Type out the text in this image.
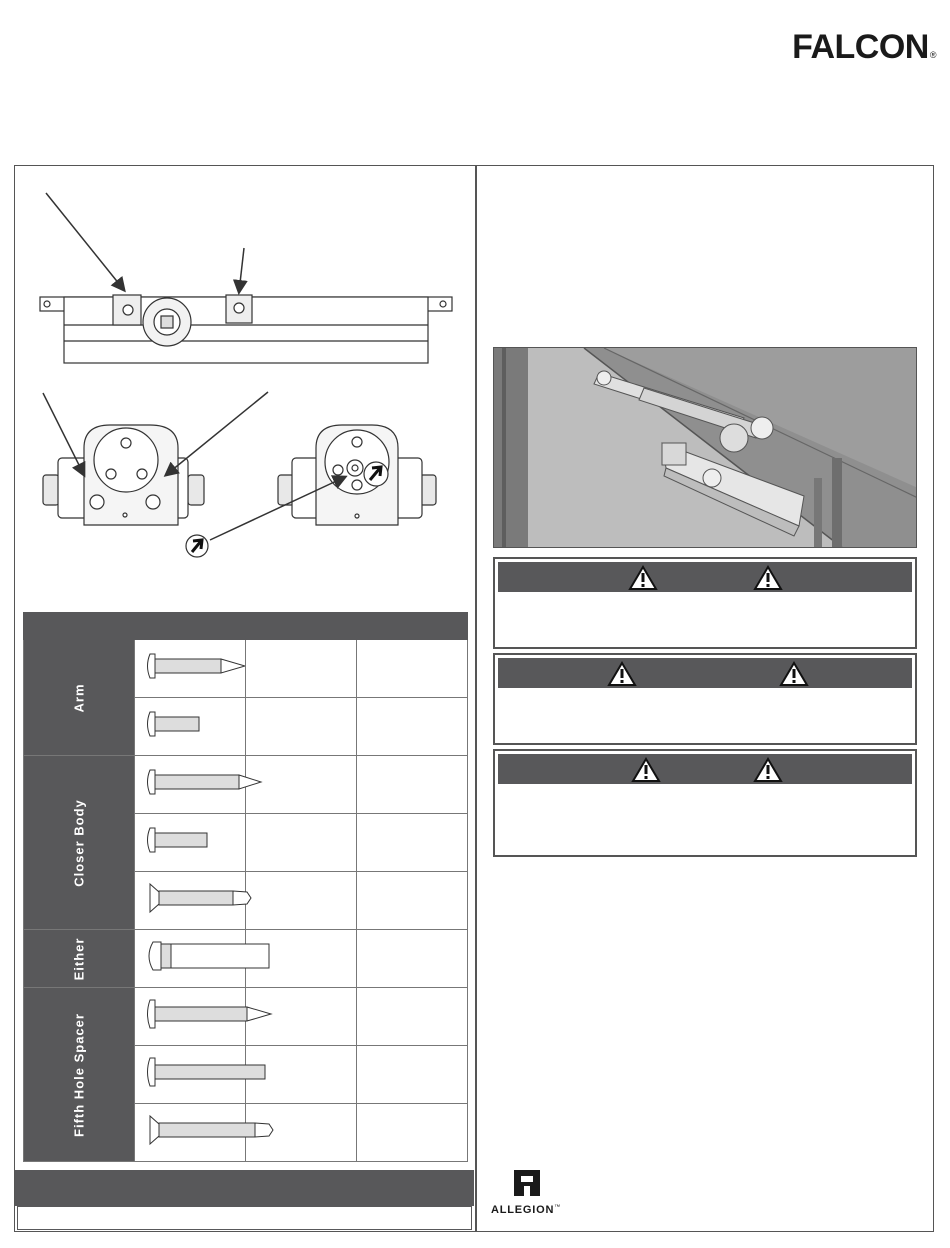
FALCON®

Arm

Closer Body

Either

Fifth Hole Spacer

ALLEGION™
